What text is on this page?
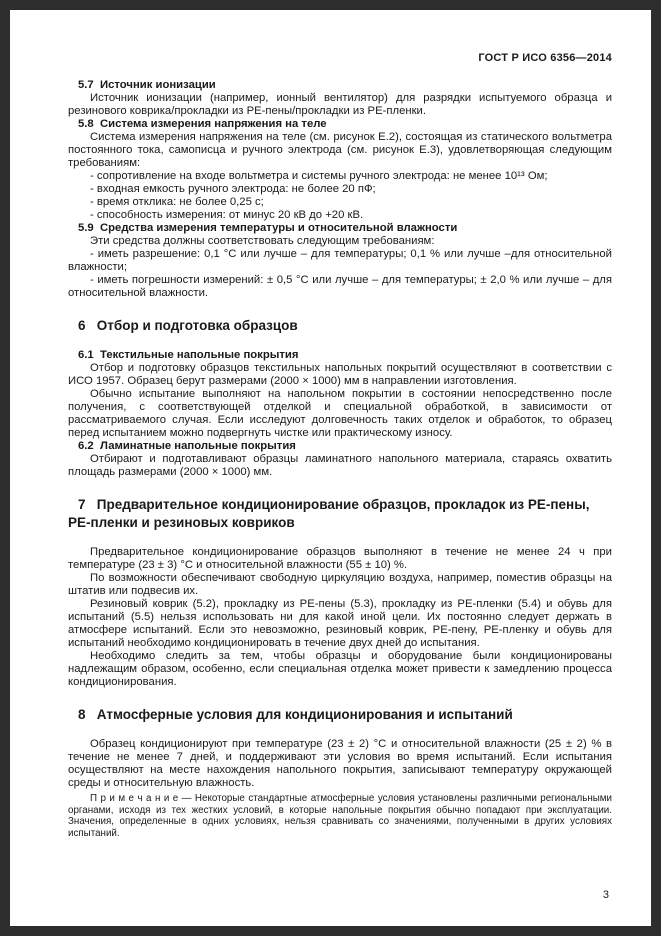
ГОСТ Р ИСО 6356—2014
5.7  Источник ионизации
Источник ионизации (например, ионный вентилятор) для разрядки испытуемого образца и резинового коврика/прокладки из PE-пены/прокладки из PE-пленки.
5.8  Система измерения напряжения на теле
Система измерения напряжения на теле (см. рисунок Е.2), состоящая из статического вольтметра постоянного тока, самописца и ручного электрода (см. рисунок Е.3), удовлетворяющая следующим требованиям:
- сопротивление на входе вольтметра и системы ручного электрода: не менее 10¹³ Ом;
- входная емкость ручного электрода: не более 20 пФ;
- время отклика: не более 0,25 с;
- способность измерения: от минус 20 кВ до +20 кВ.
5.9  Средства измерения температуры и относительной влажности
Эти средства должны соответствовать следующим требованиям:
- иметь разрешение: 0,1 °С или лучше – для температуры; 0,1 % или лучше –для относительной влажности;
- иметь погрешности измерений: ± 0,5 °С или лучше – для температуры; ± 2,0 % или лучше – для относительной влажности.
6   Отбор и подготовка образцов
6.1  Текстильные напольные покрытия
Отбор и подготовку образцов текстильных напольных покрытий осуществляют в соответствии с ИСО 1957. Образец берут размерами (2000 × 1000) мм в направлении изготовления.
Обычно испытание выполняют на напольном покрытии в состоянии непосредственно после получения, с соответствующей отделкой и специальной обработкой, в зависимости от рассматриваемого случая. Если исследуют долговечность таких отделок и обработок, то образец перед испытанием можно подвергнуть чистке или практическому износу.
6.2  Ламинатные напольные покрытия
Отбирают и подготавливают образцы ламинатного напольного материала, стараясь охватить площадь размерами (2000 × 1000) мм.
7   Предварительное кондиционирование образцов, прокладок из PE-пены, PE-пленки и резиновых ковриков
Предварительное кондиционирование образцов выполняют в течение не менее 24 ч при температуре (23 ± 3) °С и относительной влажности (55 ± 10) %.
По возможности обеспечивают свободную циркуляцию воздуха, например, поместив образцы на штатив или подвесив их.
Резиновый коврик (5.2), прокладку из PE-пены (5.3), прокладку из PE-пленки (5.4) и обувь для испытаний (5.5) нельзя использовать ни для какой иной цели. Их постоянно следует держать в атмосфере испытаний. Если это невозможно, резиновый коврик, PE-пену, PE-пленку и обувь для испытаний необходимо кондиционировать в течение двух дней до испытания.
Необходимо следить за тем, чтобы образцы и оборудование были кондиционированы надлежащим образом, особенно, если специальная отделка может привести к замедлению процесса кондиционирования.
8   Атмосферные условия для кондиционирования и испытаний
Образец кондиционируют при температуре (23 ± 2) °С и относительной влажности (25 ± 2) % в течение не менее 7 дней, и поддерживают эти условия во время испытаний. Если испытания осуществляют на месте нахождения напольного покрытия, записывают температуру окружающей среды и относительную влажность.
П р и м е ч а н и е — Некоторые стандартные атмосферные условия установлены различными региональными органами, исходя из тех жестких условий, в которые напольные покрытия обычно попадают при эксплуатации. Значения, определенные в одних условиях, нельзя сравнивать со значениями, полученными в других условиях испытаний.
3
